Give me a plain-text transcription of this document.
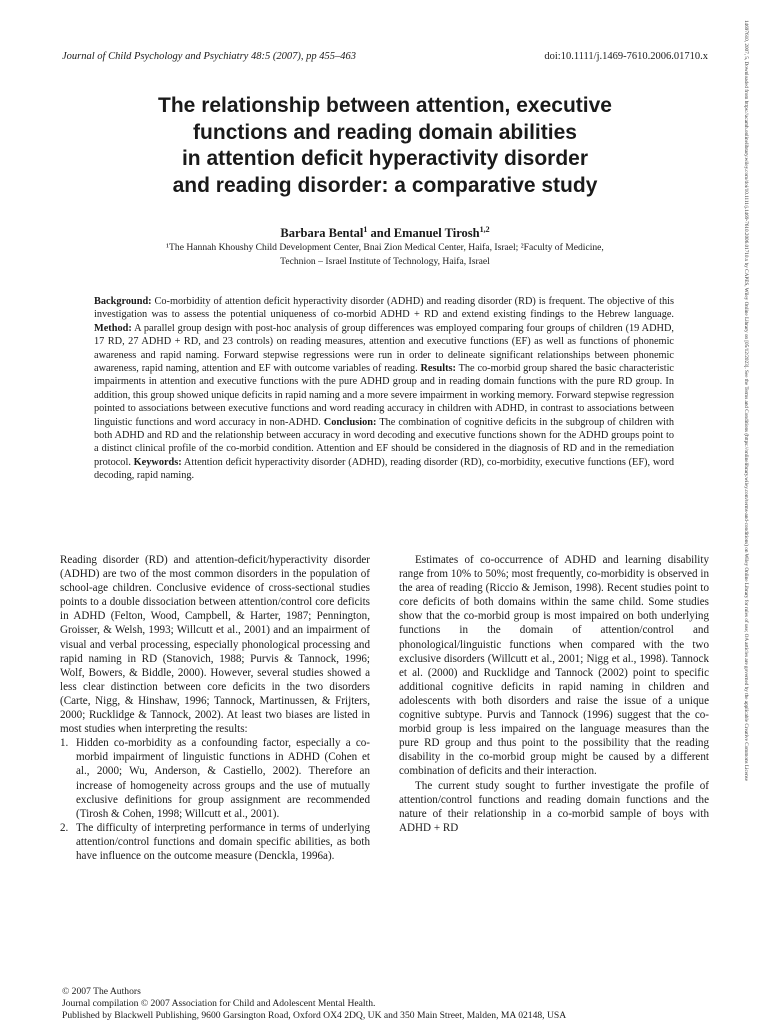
Journal of Child Psychology and Psychiatry 48:5 (2007), pp 455–463	doi:10.1111/j.1469-7610.2006.01710.x
The relationship between attention, executive
functions and reading domain abilities
in attention deficit hyperactivity disorder
and reading disorder: a comparative study
Barbara Bental$^1$ and Emanuel Tirosh$^{1,2}$
¹The Hannah Khoushy Child Development Center, Bnai Zion Medical Center, Haifa, Israel; ²Faculty of Medicine,
Technion – Israel Institute of Technology, Haifa, Israel
Background: Co-morbidity of attention deficit hyperactivity disorder (ADHD) and reading disorder (RD) is frequent. The objective of this investigation was to assess the potential uniqueness of co-morbid ADHD + RD and extend existing findings to the Hebrew language. Method: A parallel group design with post-hoc analysis of group differences was employed comparing four groups of children (19 ADHD, 17 RD, 27 ADHD + RD, and 23 controls) on reading measures, attention and executive functions (EF) as well as functions of phonemic awareness and rapid naming. Forward stepwise regressions were run in order to delineate significant relationships between phonemic awareness, rapid naming, attention and EF with outcome variables of reading. Results: The co-morbid group shared the basic characteristic impairments in attention and executive functions with the pure ADHD group and in reading domain functions with the pure RD group. In addition, this group showed unique deficits in rapid naming and a more severe impairment in working memory. Forward stepwise regression pointed to associations between executive functions and word reading accuracy in children with ADHD, in contrast to associations between linguistic functions and word accuracy in non-ADHD. Conclusion: The combination of cognitive deficits in the subgroup of children with both ADHD and RD and the relationship between accuracy in word decoding and executive functions shown for the ADHD groups point to a distinct clinical profile of the co-morbid condition. Attention and EF should be considered in the diagnosis of RD and in the remediation protocol. Keywords: Attention deficit hyperactivity disorder (ADHD), reading disorder (RD), co-morbidity, executive functions (EF), word decoding, rapid naming.

Reading disorder (RD) and attention-deficit/hyperactivity disorder (ADHD) are two of the most common disorders in the population of school-age children. Conclusive evidence of cross-sectional studies points to a double dissociation between attention/control core deficits in ADHD (Felton, Wood, Campbell, & Harter, 1987; Pennington, Groisser, & Welsh, 1993; Willcutt et al., 2001) and an impairment of visual and verbal processing, especially phonological processing and rapid naming in RD (Stanovich, 1988; Purvis & Tannock, 1996; Wolf, Bowers, & Biddle, 2000). However, several studies showed a less clear distinction between core deficits in the two disorders (Carte, Nigg, & Hinshaw, 1996; Tannock, Martinussen, & Frijters, 2000; Rucklidge & Tannock, 2002). At least two biases are listed in most studies when interpreting the results:

1. Hidden co-morbidity as a confounding factor, especially a co-morbid impairment of linguistic functions in ADHD (Cohen et al., 2000; Wu, Anderson, & Castiello, 2002). Therefore an increase of homogeneity across groups and the use of mutually exclusive definitions for group assignment are recommended (Tirosh & Cohen, 1998; Willcutt et al., 2001).
2. The difficulty of interpreting performance in terms of underlying attention/control functions and domain specific abilities, as both have influence on the outcome measure (Denckla, 1996a).

Estimates of co-occurrence of ADHD and learning disability range from 10% to 50%; most frequently, co-morbidity is observed in the area of reading (Riccio & Jemison, 1998). Recent studies point to core deficits of both domains within the same child. Some studies show that the co-morbid group is most impaired on both underlying functions in the domain of attention/control and phonological/linguistic functions when compared with the two exclusive disorders (Willcutt et al., 2001; Nigg et al., 1998). Tannock et al. (2000) and Rucklidge and Tannock (2002) point to specific additional cognitive deficits in rapid naming in children and adolescents with both disorders and raise the issue of a unique cognitive subtype. Purvis and Tannock (1996) suggest that the co-morbid group is less impaired on the language measures than the pure RD group and thus point to the possibility that the reading disability in the co-morbid group might be caused by a different combination of deficits and their interaction.

The current study sought to further investigate the profile of attention/control functions and reading domain functions and the nature of their relationship in a co-morbid sample of boys with ADHD + RD

© 2007 The Authors
Journal compilation © 2007 Association for Child and Adolescent Mental Health.
Published by Blackwell Publishing, 9600 Garsington Road, Oxford OX4 2DQ, UK and 350 Main Street, Malden, MA 02148, USA
14697610, 2007, 5, Downloaded from https://acamh.onlinelibrary.wiley.com/doi/10.1111/j.1469-7610.2006.01710.x by CAPES, Wiley Online Library on [05/12/2023]. See the Terms and Conditions (https://onlinelibrary.wiley.com/terms-and-conditions) on Wiley Online Library for rules of use; OA articles are governed by the applicable Creative Commons License
